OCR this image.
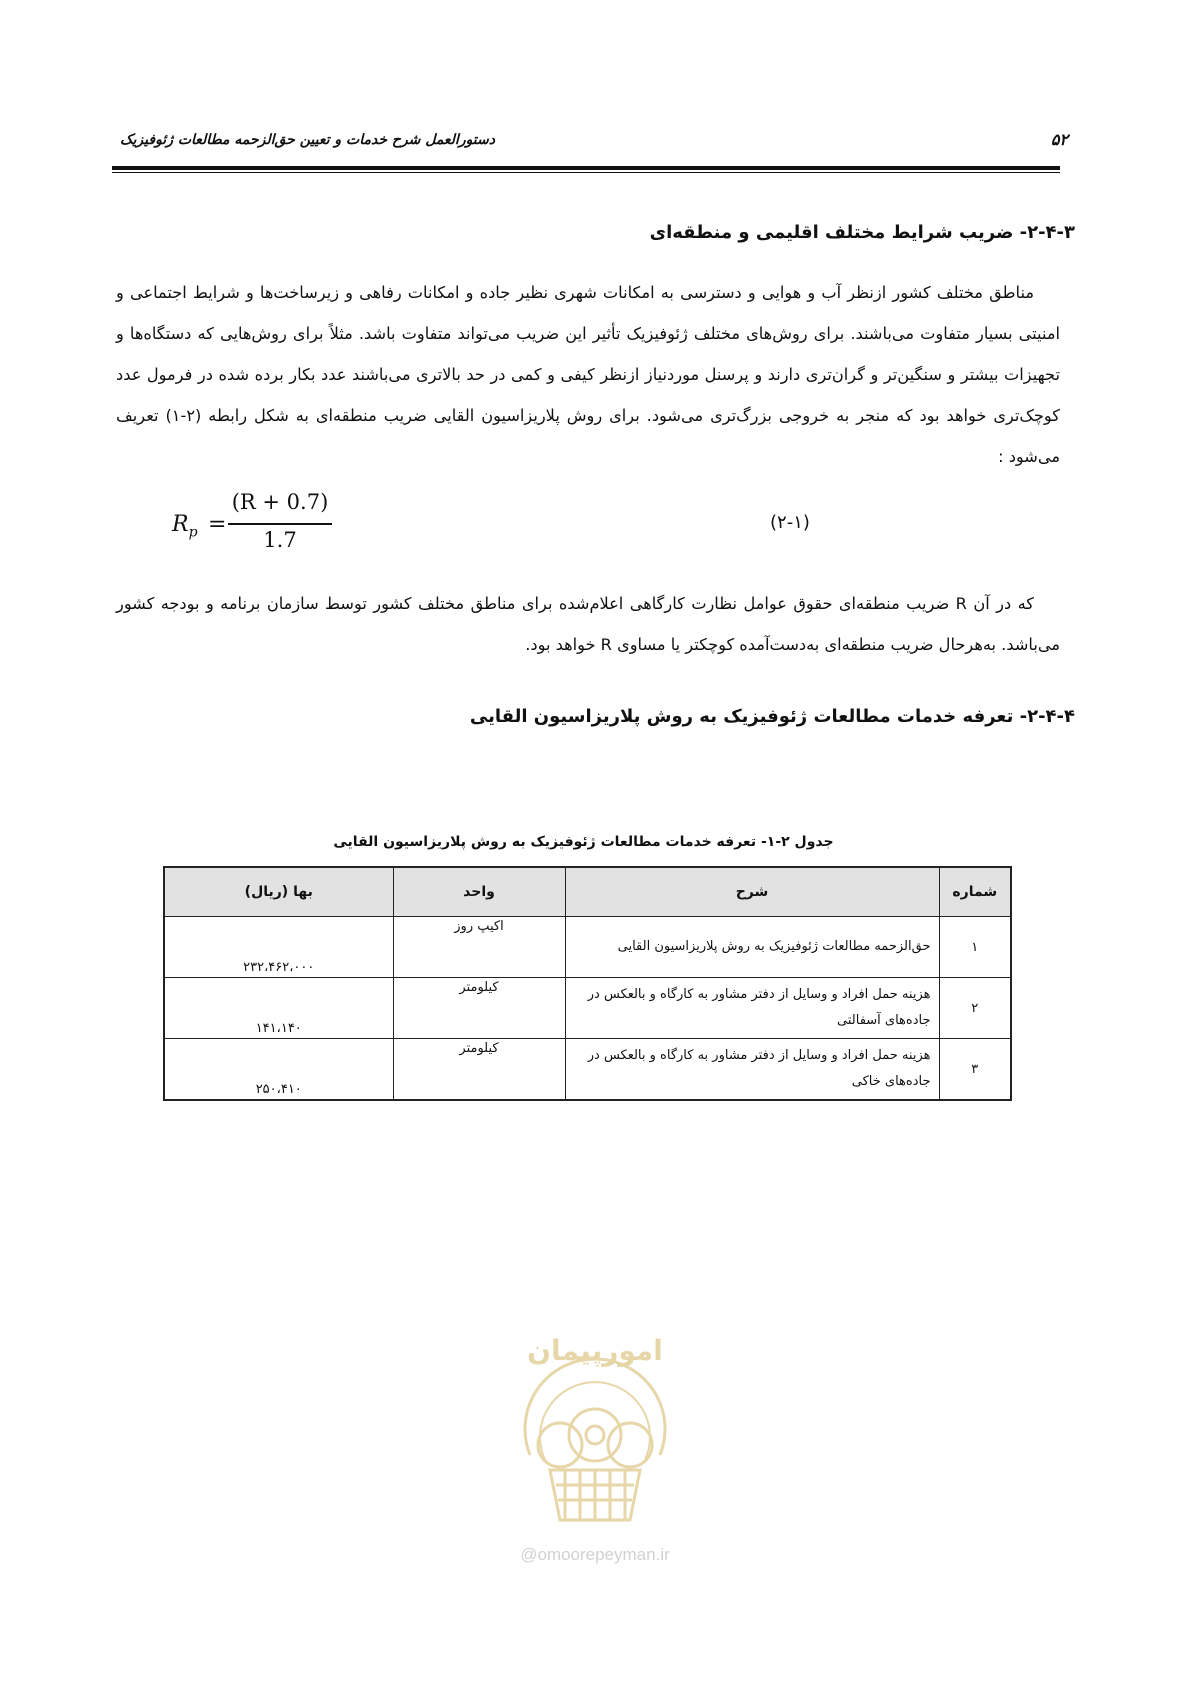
۵۲
دستورالعمل شرح خدمات و تعیین حق‌الزحمه مطالعات ژئوفیزیک
۲-۴-۳- ضریب شرایط مختلف اقلیمی و منطقه‌ای
مناطق مختلف کشور ازنظر آب و هوایی و دسترسی به امکانات شهری نظیر جاده و امکانات رفاهی و زیرساخت‌ها و شرایط اجتماعی و امنیتی بسیار متفاوت می‌باشند. برای روش‌های مختلف ژئوفیزیک تأثیر این ضریب می‌تواند متفاوت باشد. مثلاً برای روش‌هایی که دستگاه‌ها و تجهیزات بیشتر و سنگین‌تر و گران‌تری دارند و پرسنل موردنیاز ازنظر کیفی و کمی در حد بالاتری می‌باشند عدد بکار برده شده در فرمول عدد کوچک‌تری خواهد بود که منجر به خروجی بزرگ‌تری می‌شود. برای روش پلاریزاسیون القایی ضریب منطقه‌ای به شکل رابطه (۲-۱) تعریف می‌شود :
$R_p$ =
(R + 0.7)
1.7
(۲-۱)
که در آن R ضریب منطقه‌ای حقوق عوامل نظارت کارگاهی اعلام‌شده برای مناطق مختلف کشور توسط سازمان برنامه و بودجه کشور می‌باشد. به‌هرحال ضریب منطقه‌ای به‌دست‌آمده کوچکتر یا مساوی R خواهد بود.
۲-۴-۴- تعرفه خدمات مطالعات ژئوفیزیک به روش پلاریزاسیون القایی
جدول ۲-۱- تعرفه خدمات مطالعات ژئوفیزیک به روش پلاریزاسیون القایی
شماره	شرح	واحد	بها (ریال)
۱	حق‌الزحمه مطالعات ژئوفیزیک به روش پلاریزاسیون القایی	اکیپ روز	۲۳۲،۴۶۲،۰۰۰
۲	هزینه حمل افراد و وسایل از دفتر مشاور به کارگاه و بالعکس در جاده‌های آسفالتی	کیلومتر	۱۴۱،۱۴۰
۳	هزینه حمل افراد و وسایل از دفتر مشاور به کارگاه و بالعکس در جاده‌های خاکی	کیلومتر	۲۵۰،۴۱۰
امورپیمان
@omoorepeyman.ir
